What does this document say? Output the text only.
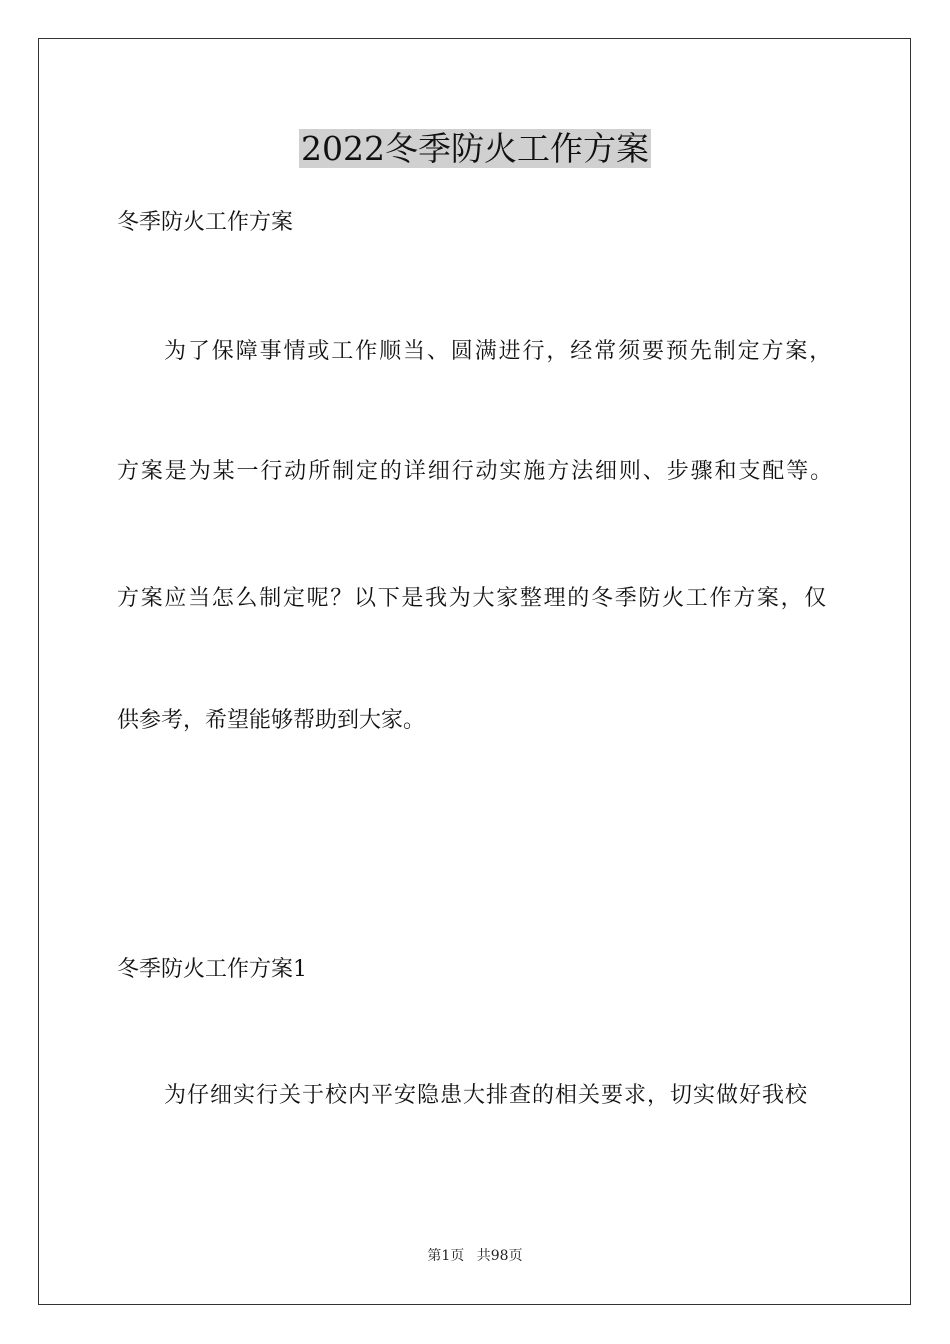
2022冬季防火工作方案
冬季防火工作方案
为了保障事情或工作顺当、圆满进行，经常须要预先制定方案，
方案是为某一行动所制定的详细行动实施方法细则、步骤和支配等。
方案应当怎么制定呢？以下是我为大家整理的冬季防火工作方案，仅
供参考，希望能够帮助到大家。
冬季防火工作方案1
为仔细实行关于校内平安隐患大排查的相关要求，切实做好我校
第1页 共98页
